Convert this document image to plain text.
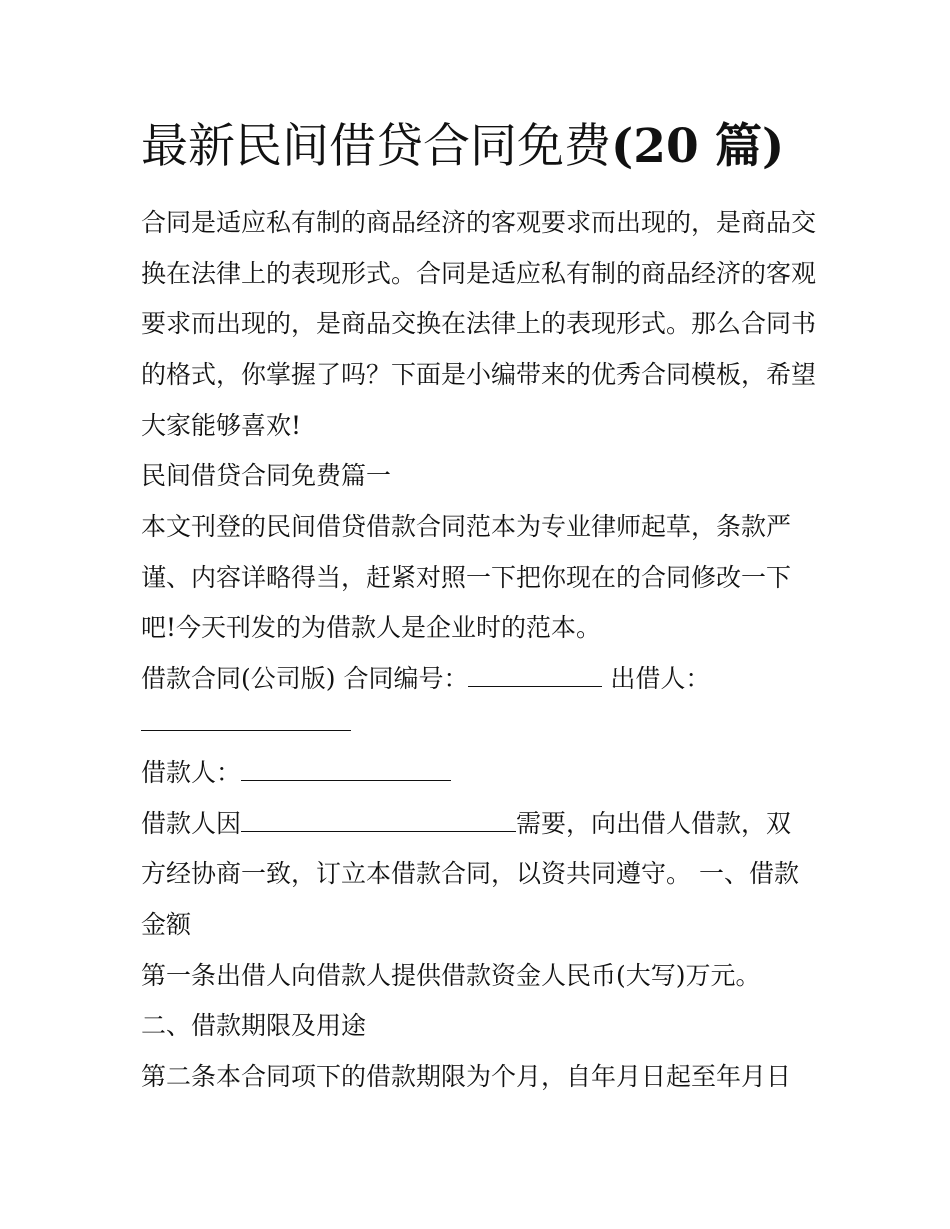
最新民间借贷合同免费(20 篇)

合同是适应私有制的商品经济的客观要求而出现的，是商品交

换在法律上的表现形式。合同是适应私有制的商品经济的客观

要求而出现的，是商品交换在法律上的表现形式。那么合同书

的格式，你掌握了吗？下面是小编带来的优秀合同模板，希望

大家能够喜欢!

民间借贷合同免费篇一

本文刊登的民间借贷借款合同范本为专业律师起草，条款严

谨、内容详略得当，赶紧对照一下把你现在的合同修改一下

吧!今天刊发的为借款人是企业时的范本。

借款合同(公司版) 合同编号：	出借人：

借款人：

借款人因	需要，向出借人借款，双

方经协商一致，订立本借款合同，以资共同遵守。 一、借款

金额

第一条出借人向借款人提供借款资金人民币(大写)万元。

二、借款期限及用途

第二条本合同项下的借款期限为个月，自年月日起至年月日
